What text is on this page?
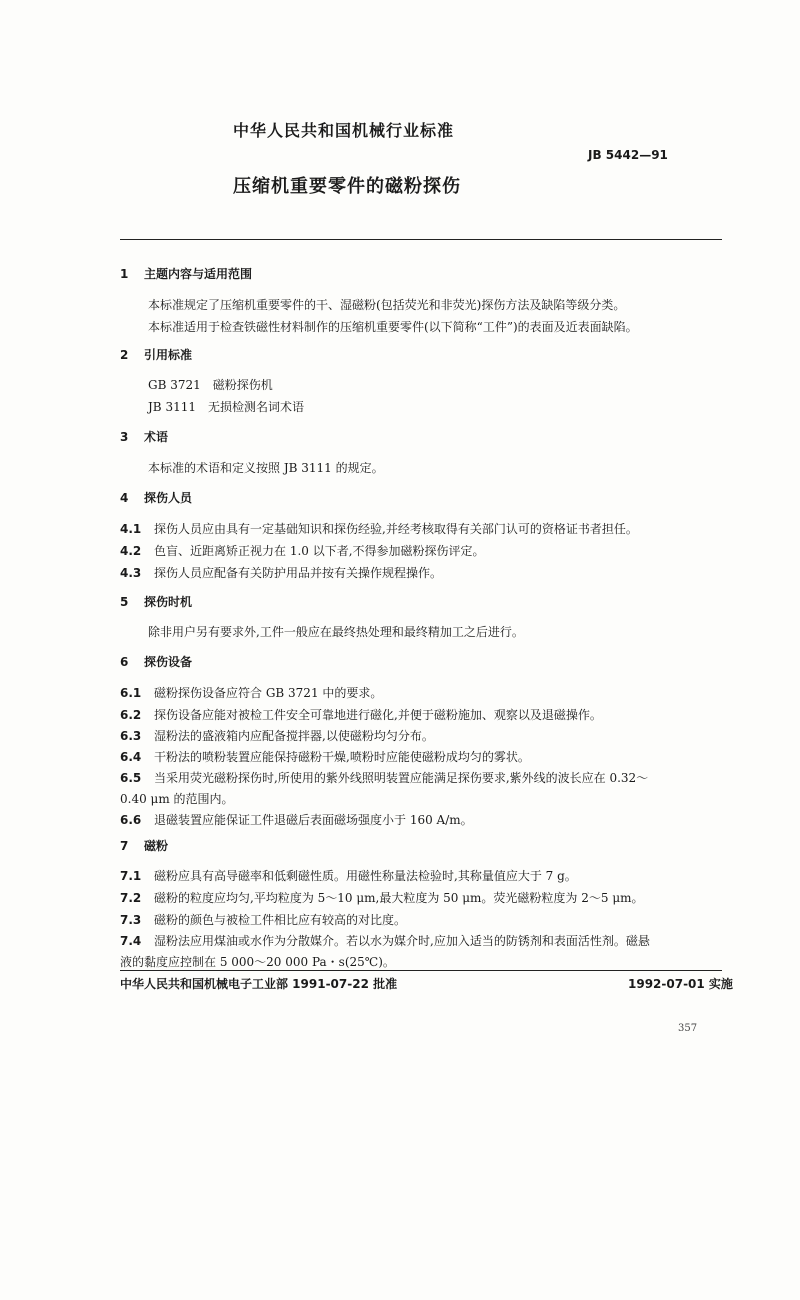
中华人民共和国机械行业标准
JB 5442—91
压缩机重要零件的磁粉探伤
1 主题内容与适用范围
本标准规定了压缩机重要零件的干、湿磁粉(包括荧光和非荧光)探伤方法及缺陷等级分类。
本标准适用于检查铁磁性材料制作的压缩机重要零件(以下简称“工件”)的表面及近表面缺陷。
2 引用标准
GB 3721　磁粉探伤机
JB 3111　无损检测名词术语
3 术语
本标准的术语和定义按照 JB 3111 的规定。
4 探伤人员
4.1 探伤人员应由具有一定基础知识和探伤经验,并经考核取得有关部门认可的资格证书者担任。
4.2 色盲、近距离矫正视力在 1.0 以下者,不得参加磁粉探伤评定。
4.3 探伤人员应配备有关防护用品并按有关操作规程操作。
5 探伤时机
除非用户另有要求外,工件一般应在最终热处理和最终精加工之后进行。
6 探伤设备
6.1 磁粉探伤设备应符合 GB 3721 中的要求。
6.2 探伤设备应能对被检工件安全可靠地进行磁化,并便于磁粉施加、观察以及退磁操作。
6.3 湿粉法的盛液箱内应配备搅拌器,以使磁粉均匀分布。
6.4 干粉法的喷粉装置应能保持磁粉干燥,喷粉时应能使磁粉成均匀的雾状。
6.5 当采用荧光磁粉探伤时,所使用的紫外线照明装置应能满足探伤要求,紫外线的波长应在 0.32～
0.40 μm 的范围内。
6.6 退磁装置应能保证工件退磁后表面磁场强度小于 160 A/m。
7 磁粉
7.1 磁粉应具有高导磁率和低剩磁性质。用磁性称量法检验时,其称量值应大于 7 g。
7.2 磁粉的粒度应均匀,平均粒度为 5～10 μm,最大粒度为 50 μm。荧光磁粉粒度为 2～5 μm。
7.3 磁粉的颜色与被检工件相比应有较高的对比度。
7.4 湿粉法应用煤油或水作为分散媒介。若以水为媒介时,应加入适当的防锈剂和表面活性剂。磁悬
液的黏度应控制在 5 000～20 000 Pa・s(25℃)。
中华人民共和国机械电子工业部 1991-07-22 批准	1992-07-01 实施
357
